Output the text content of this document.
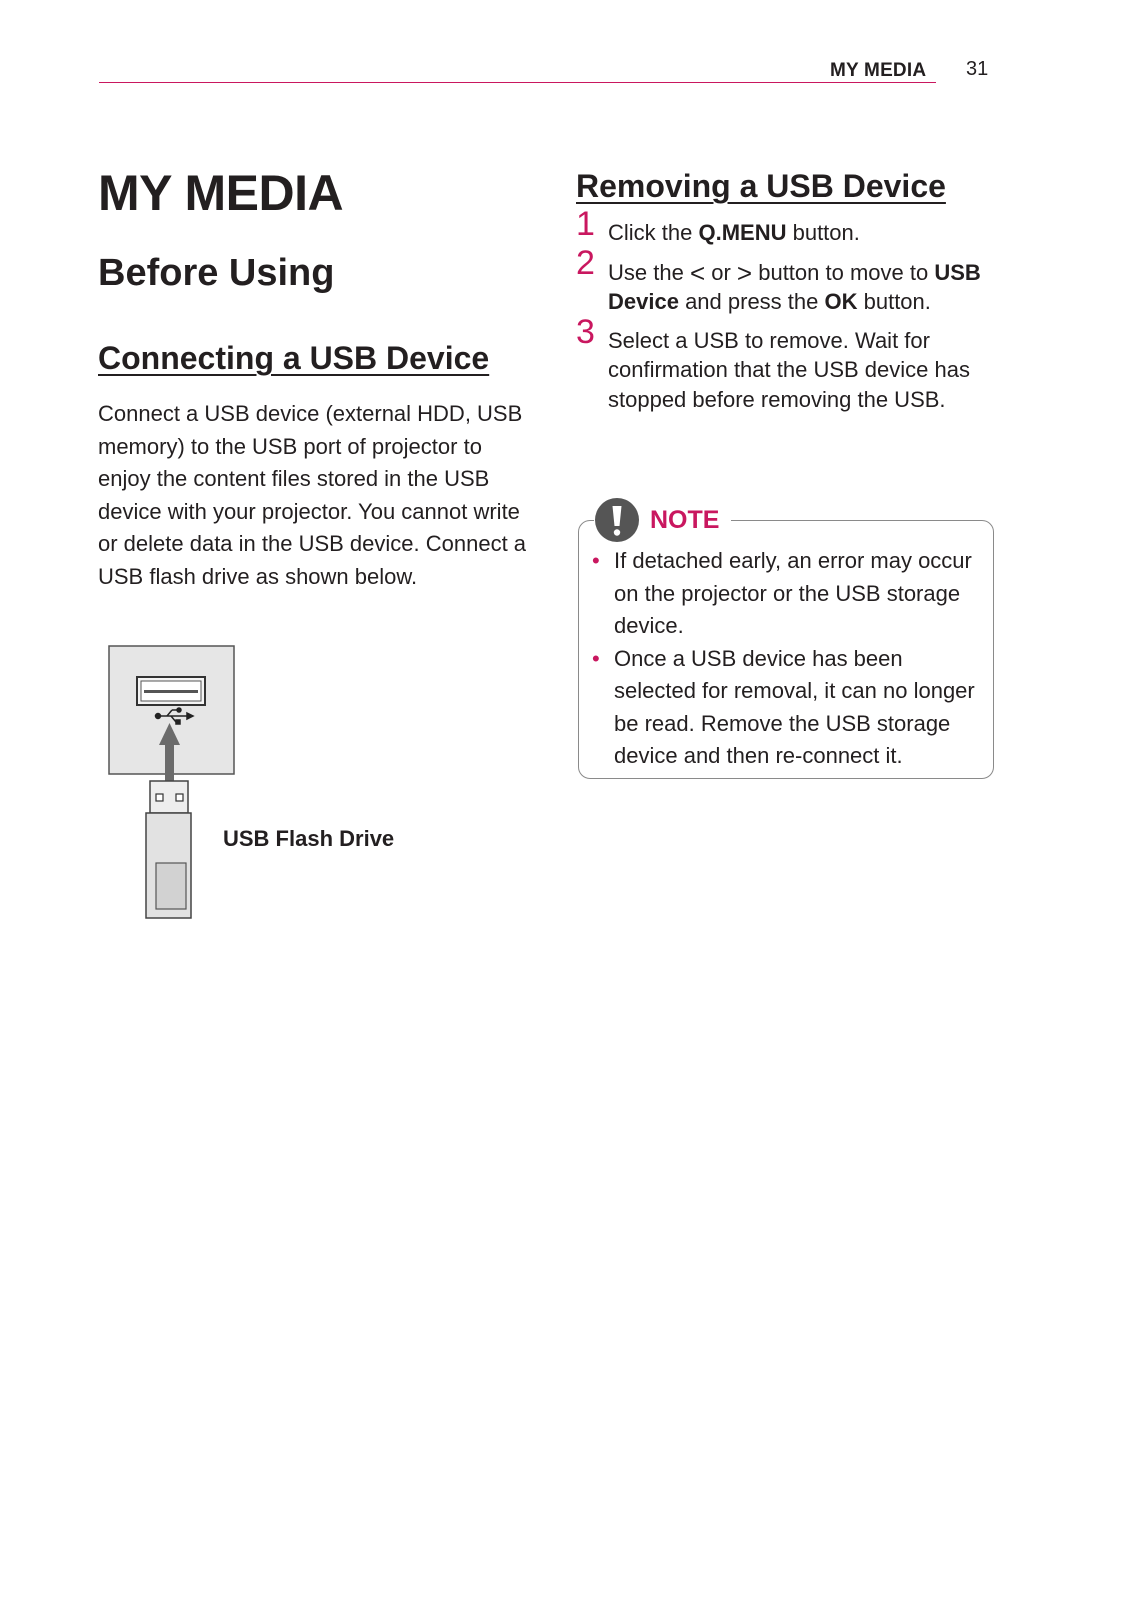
MY MEDIA 31
MY MEDIA
Before Using
Connecting a USB Device

Connect a USB device (external HDD, USB memory) to the USB port of projector to enjoy the content files stored in the USB device with your projector. You cannot write or delete data in the USB device. Connect a USB flash drive as shown below.

USB Flash Drive
Removing a USB Device
1 Click the Q.MENU button.
2 Use the < or > button to move to USB Device and press the OK button.
3 Select a USB to remove. Wait for confirmation that the USB device has stopped before removing the USB.
NOTE
• If detached early, an error may occur on the projector or the USB storage device.
• Once a USB device has been selected for removal, it can no longer be read. Remove the USB storage device and then re-connect it.
